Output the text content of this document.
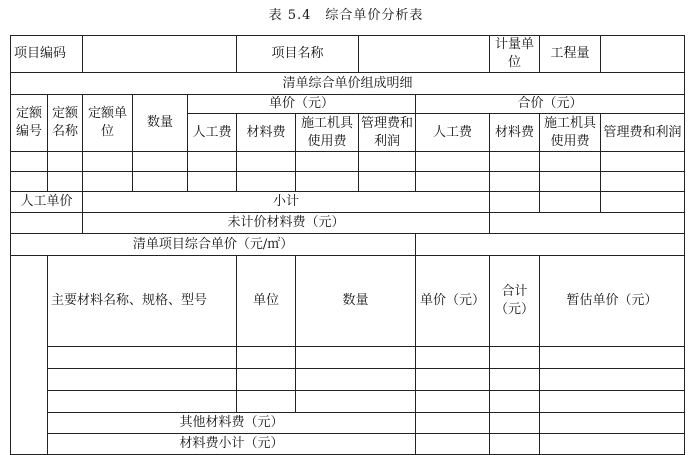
表 5.4　综合单价分析表
项目编码					项目名称				计量单位	工程量		
清单综合单价组成明细												
定额编号	定额名称	定额单位	数量	单价（元）				合价（元）				
				人工费	材料费	施工机具使用费	管理费和利润	人工费	材料费	施工机具使用费	管理费和利润	

人工单价		小计										
		未计价材料费（元）										
清单项目综合单价（元/㎡）												
	主要材料名称、规格、型号				单位	数量		单价（元）	合计（元）	暂估单价（元）	

	其他材料费（元）											
	材料费小计（元）											
